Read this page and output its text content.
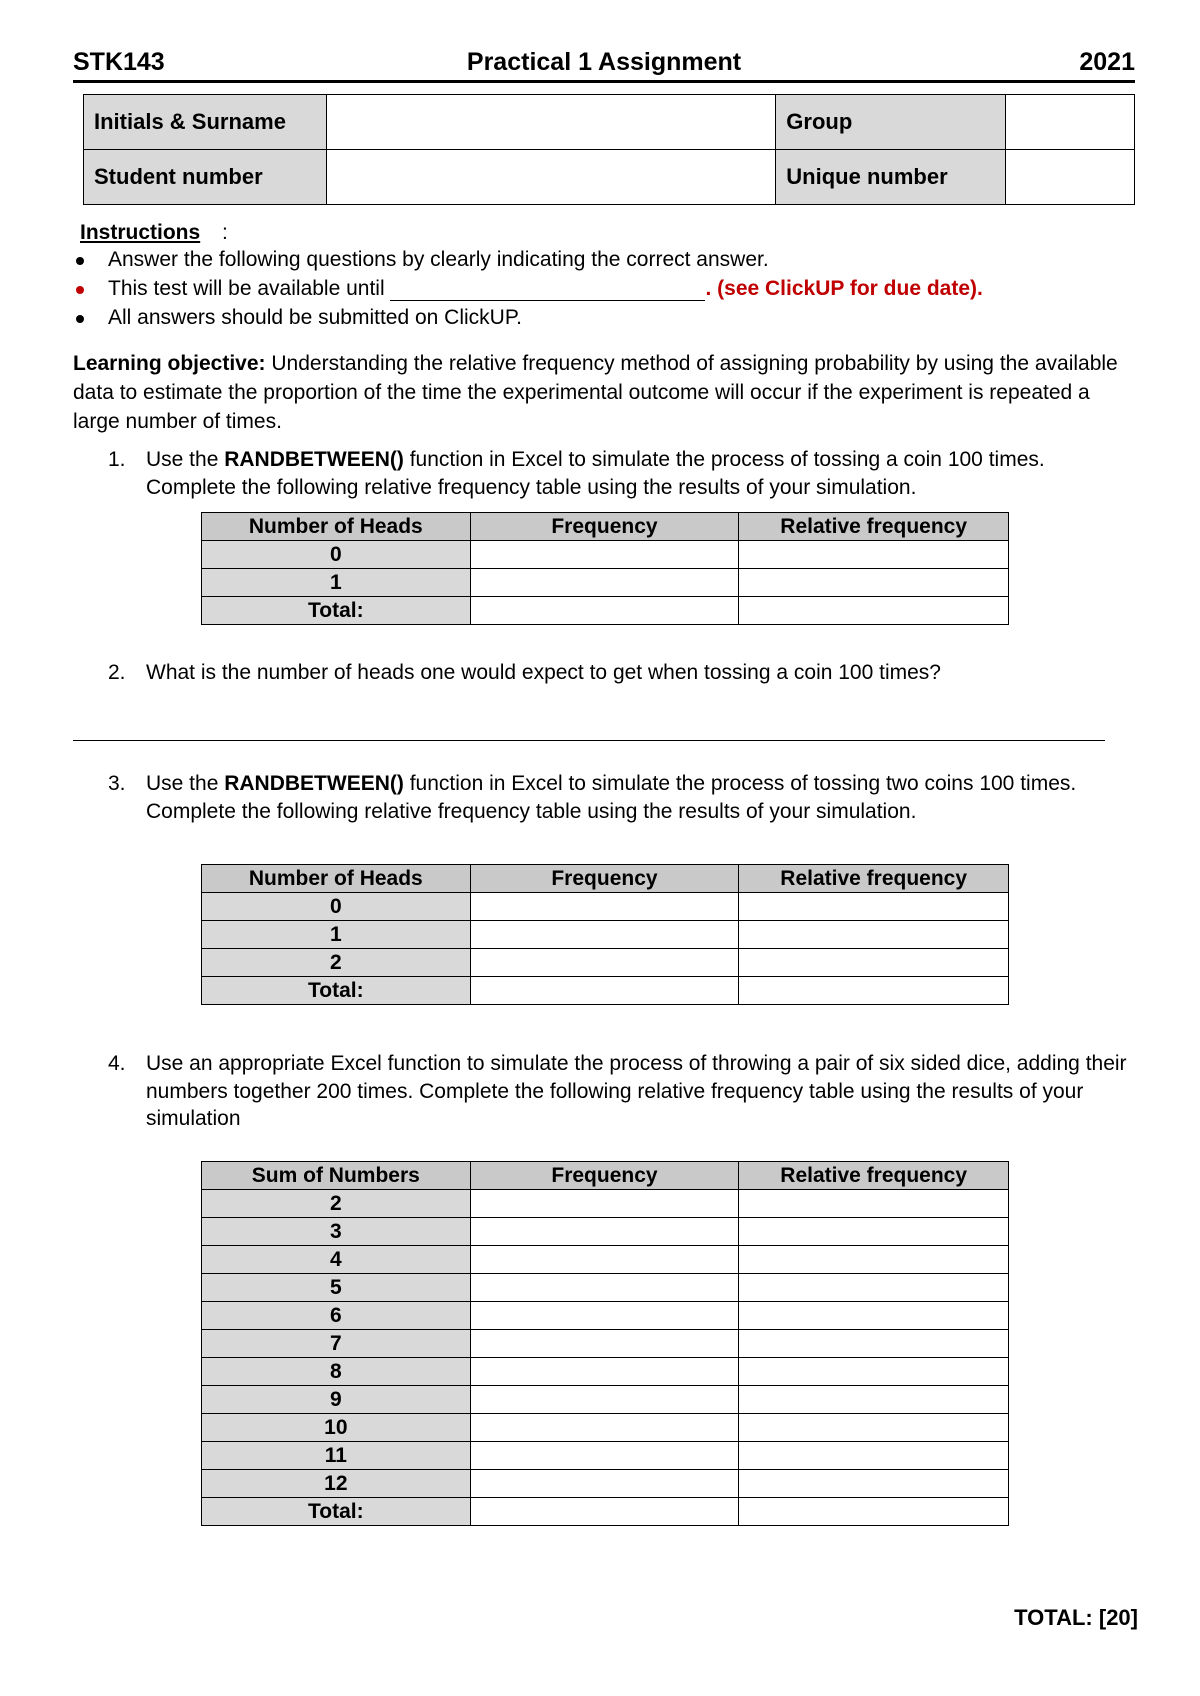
STK143	Practical 1 Assignment	2021
Initials & Surname		Group	
Student number		Unique number	
Instructions :
Answer the following questions by clearly indicating the correct answer.
This test will be available until	. (see ClickUP for due date).
All answers should be submitted on ClickUP.
Learning objective: Understanding the relative frequency method of assigning probability by using the available data to estimate the proportion of the time the experimental outcome will occur if the experiment is repeated a large number of times.
1. Use the RANDBETWEEN() function in Excel to simulate the process of tossing a coin 100 times. Complete the following relative frequency table using the results of your simulation.
Number of Heads	Frequency	Relative frequency
0		
1		
Total:		
2. What is the number of heads one would expect to get when tossing a coin 100 times?
3. Use the RANDBETWEEN() function in Excel to simulate the process of tossing two coins 100 times. Complete the following relative frequency table using the results of your simulation.
Number of Heads	Frequency	Relative frequency
0		
1		
2		
Total:		
4. Use an appropriate Excel function to simulate the process of throwing a pair of six sided dice, adding their numbers together 200 times. Complete the following relative frequency table using the results of your simulation
Sum of Numbers	Frequency	Relative frequency
2		
3		
4		
5		
6		
7		
8		
9		
10		
11		
12		
Total:		
TOTAL: [20]
